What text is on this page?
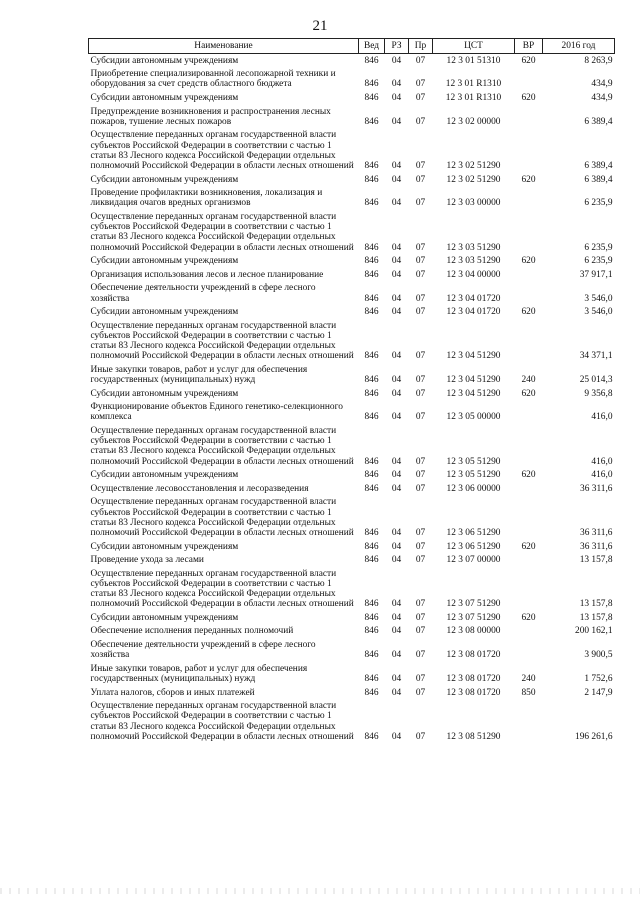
21
Наименование	Вед	РЗ	Пр	ЦСТ	ВР	2016 год
Субсидии автономным учреждениям	846	04	07	12 3 01 51310	620	8 263,9
Приобретение специализированной лесопожарной техники и оборудования за счет средств областного бюджета	846	04	07	12 3 01 R1310		434,9
Субсидии автономным учреждениям	846	04	07	12 3 01 R1310	620	434,9
Предупреждение возникновения и распространения лесных пожаров, тушение лесных пожаров	846	04	07	12 3 02 00000		6 389,4
Осуществление переданных органам государственной власти субъектов Российской Федерации в соответствии с частью 1 статьи 83 Лесного кодекса Российской Федерации отдельных полномочий Российской Федерации в области лесных отношений	846	04	07	12 3 02 51290		6 389,4
Субсидии автономным учреждениям	846	04	07	12 3 02 51290	620	6 389,4
Проведение профилактики возникновения, локализация и ликвидация очагов вредных организмов	846	04	07	12 3 03 00000		6 235,9
Осуществление переданных органам государственной власти субъектов Российской Федерации в соответствии с частью 1 статьи 83 Лесного кодекса Российской Федерации отдельных полномочий Российской Федерации в области лесных отношений	846	04	07	12 3 03 51290		6 235,9
Субсидии автономным учреждениям	846	04	07	12 3 03 51290	620	6 235,9
Организация использования лесов и лесное планирование	846	04	07	12 3 04 00000		37 917,1
Обеспечение деятельности учреждений в сфере лесного хозяйства	846	04	07	12 3 04 01720		3 546,0
Субсидии автономным учреждениям	846	04	07	12 3 04 01720	620	3 546,0
Осуществление переданных органам государственной власти субъектов Российской Федерации в соответствии с частью 1 статьи 83 Лесного кодекса Российской Федерации отдельных полномочий Российской Федерации в области лесных отношений	846	04	07	12 3 04 51290		34 371,1
Иные закупки товаров, работ и услуг для обеспечения государственных (муниципальных) нужд	846	04	07	12 3 04 51290	240	25 014,3
Субсидии автономным учреждениям	846	04	07	12 3 04 51290	620	9 356,8
Функционирование объектов Единого генетико-селекционного комплекса	846	04	07	12 3 05 00000		416,0
Осуществление переданных органам государственной власти субъектов Российской Федерации в соответствии с частью 1 статьи 83 Лесного кодекса Российской Федерации отдельных полномочий Российской Федерации в области лесных отношений	846	04	07	12 3 05 51290		416,0
Субсидии автономным учреждениям	846	04	07	12 3 05 51290	620	416,0
Осуществление лесовосстановления и лесоразведения	846	04	07	12 3 06 00000		36 311,6
Осуществление переданных органам государственной власти субъектов Российской Федерации в соответствии с частью 1 статьи 83 Лесного кодекса Российской Федерации отдельных полномочий Российской Федерации в области лесных отношений	846	04	07	12 3 06 51290		36 311,6
Субсидии автономным учреждениям	846	04	07	12 3 06 51290	620	36 311,6
Проведение ухода за лесами	846	04	07	12 3 07 00000		13 157,8
Осуществление переданных органам государственной власти субъектов Российской Федерации в соответствии с частью 1 статьи 83 Лесного кодекса Российской Федерации отдельных полномочий Российской Федерации в области лесных отношений	846	04	07	12 3 07 51290		13 157,8
Субсидии автономным учреждениям	846	04	07	12 3 07 51290	620	13 157,8
Обеспечение исполнения переданных полномочий	846	04	07	12 3 08 00000		200 162,1
Обеспечение деятельности учреждений в сфере лесного хозяйства	846	04	07	12 3 08 01720		3 900,5
Иные закупки товаров, работ и услуг для обеспечения государственных (муниципальных) нужд	846	04	07	12 3 08 01720	240	1 752,6
Уплата налогов, сборов и иных платежей	846	04	07	12 3 08 01720	850	2 147,9
Осуществление переданных органам государственной власти субъектов Российской Федерации в соответствии с частью 1 статьи 83 Лесного кодекса Российской Федерации отдельных полномочий Российской Федерации в области лесных отношений	846	04	07	12 3 08 51290		196 261,6
